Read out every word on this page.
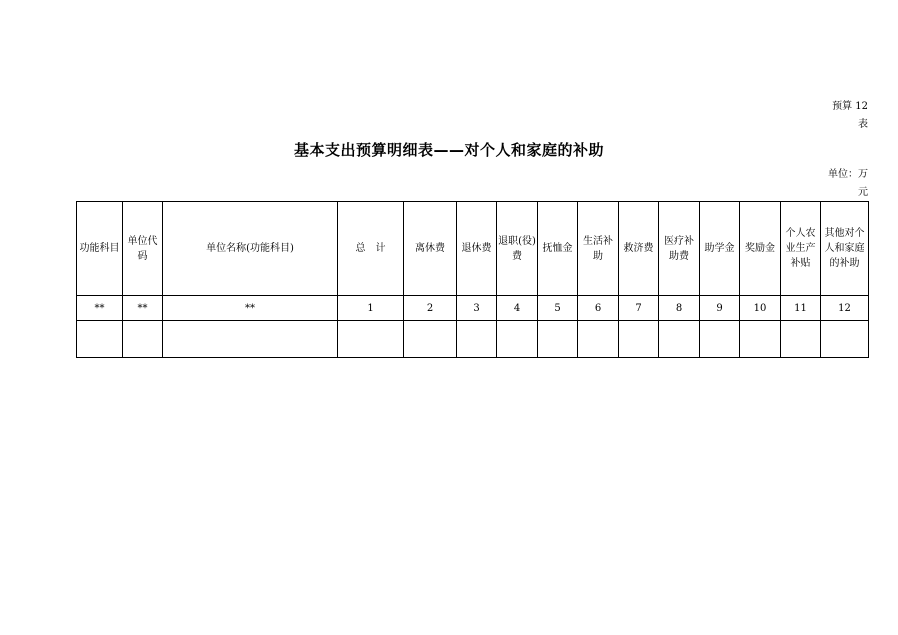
预算 12
表
基本支出预算明细表——对个人和家庭的补助
单位：万
元
功能科目	单位代码	单位名称(功能科目)	总　计	离休费	退休费	退职(役)费	抚恤金	生活补助	救济费	医疗补助费	助学金	奖励金	个人农业生产补贴	其他对个人和家庭的补助
**	**	**	1	2	3	4	5	6	7	8	9	10	11	12
